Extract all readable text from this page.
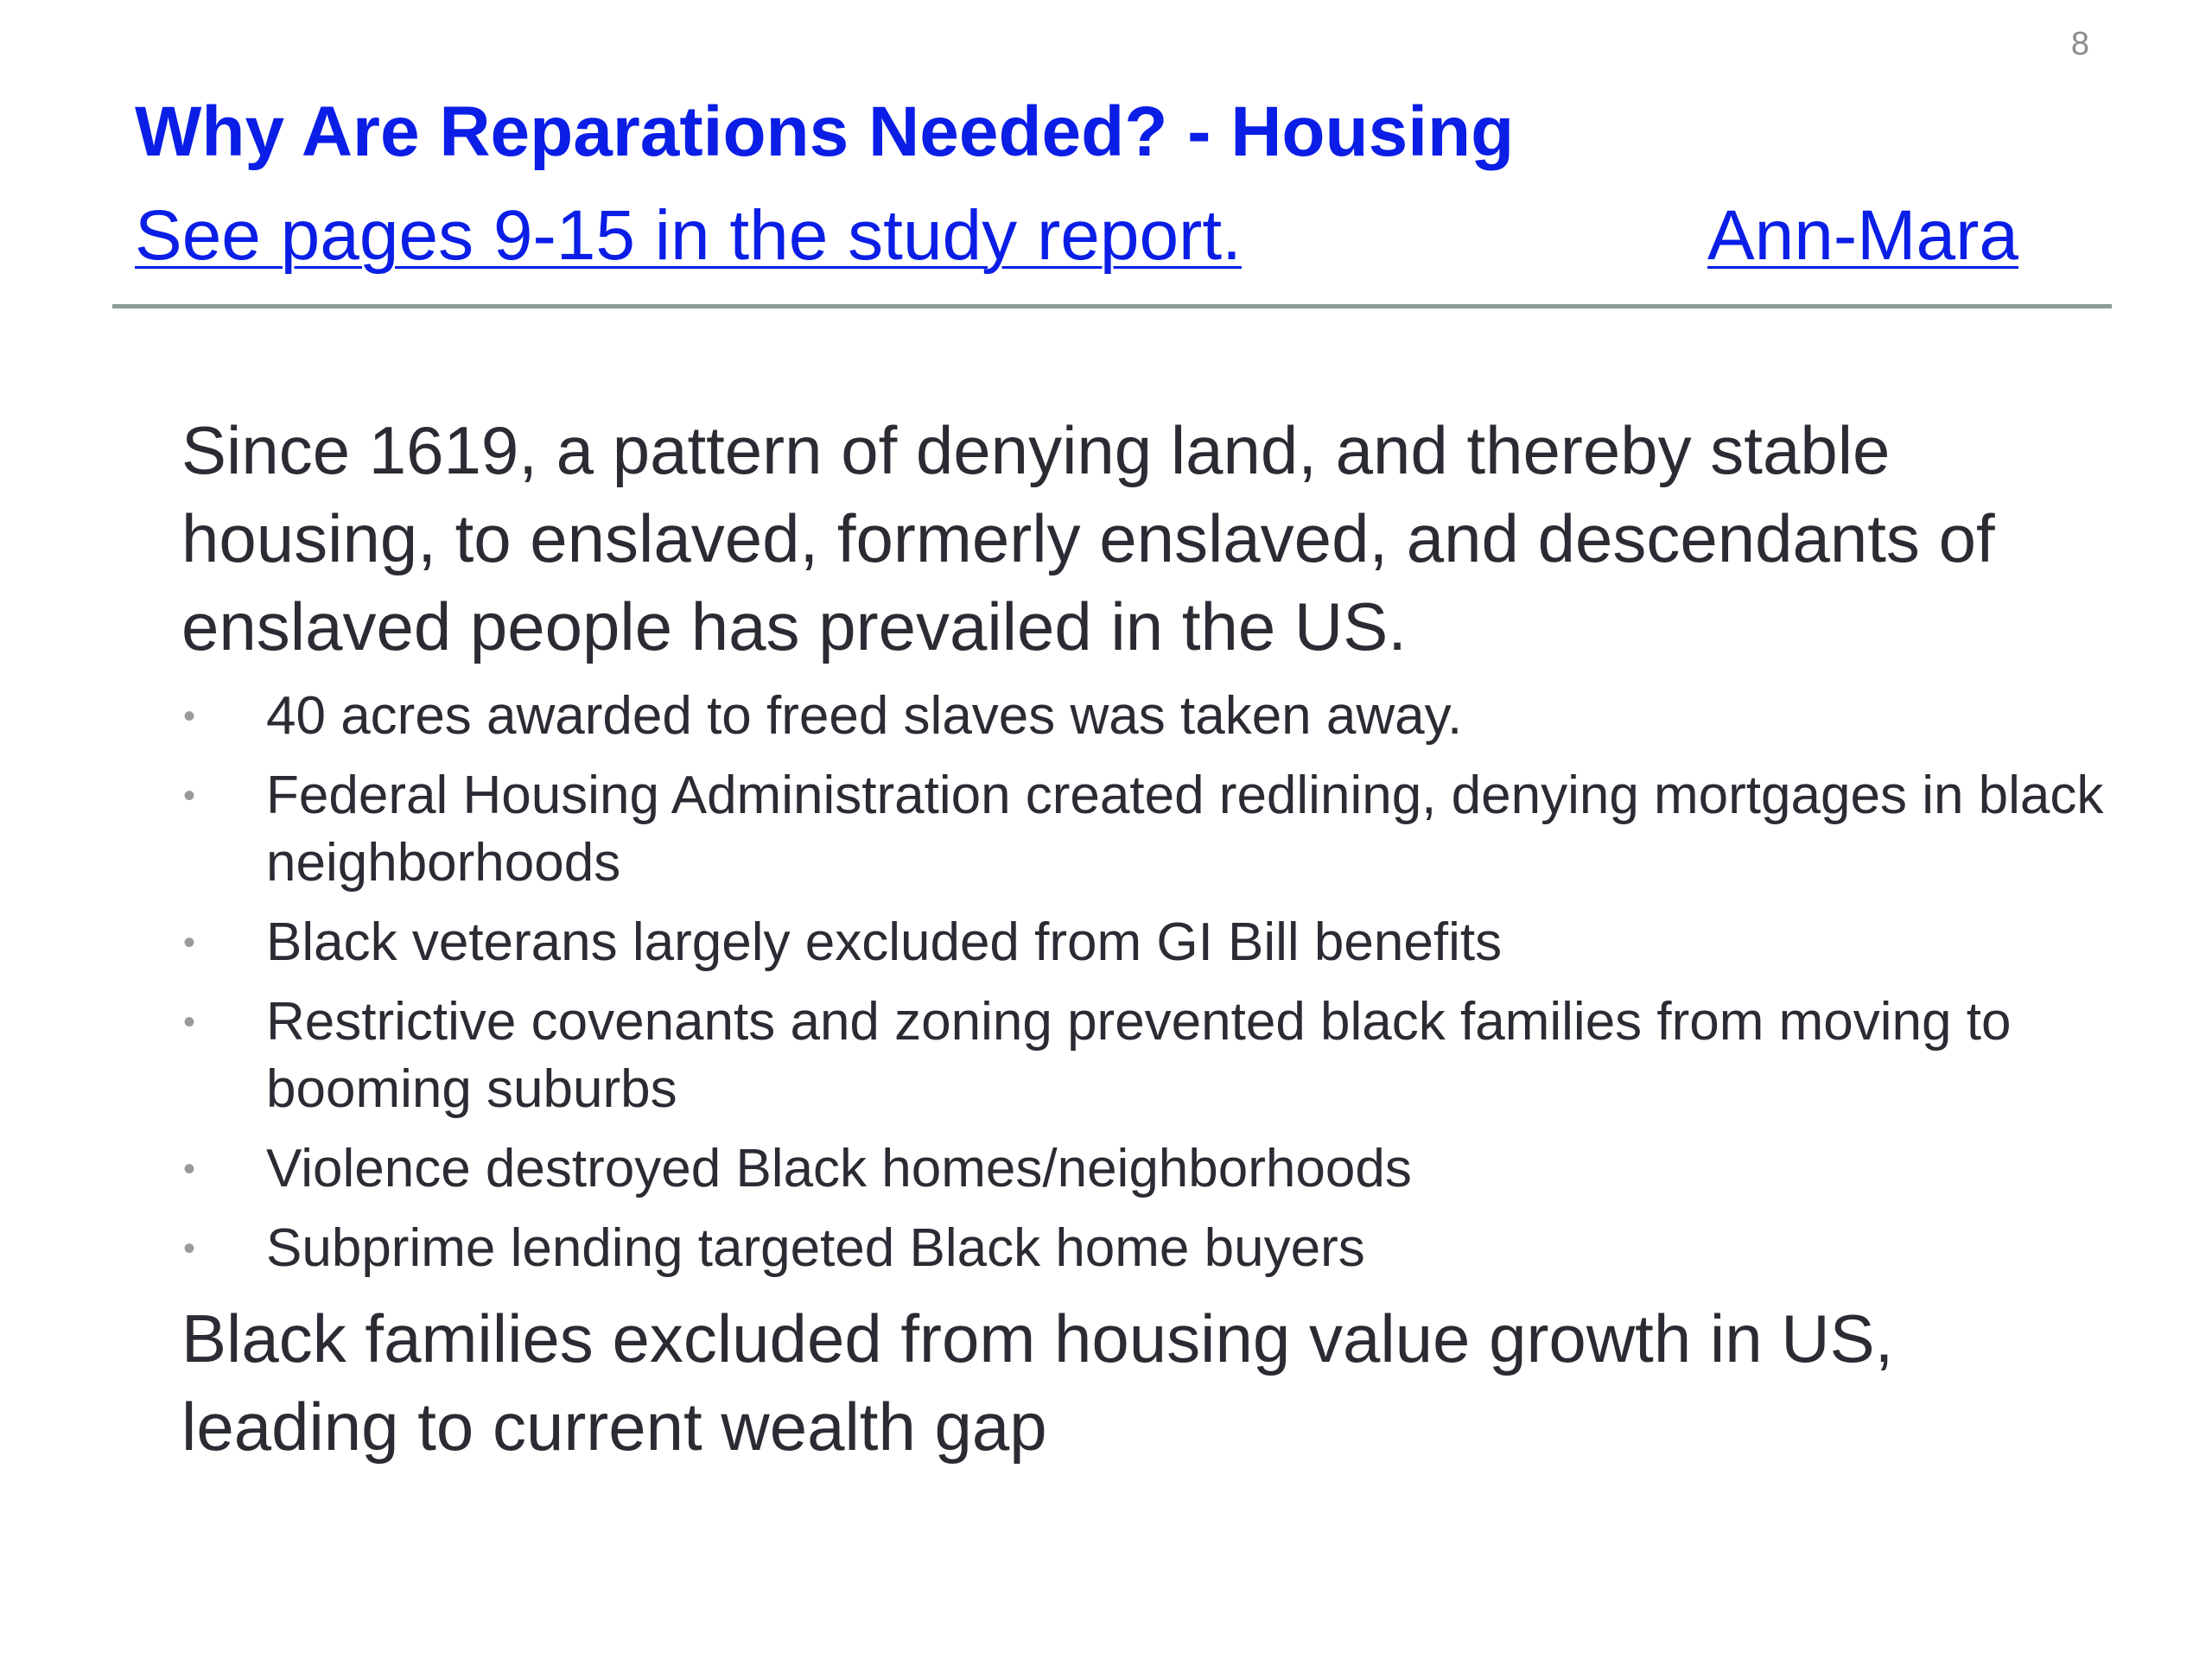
8
Why Are Reparations Needed? - Housing
See pages 9-15 in the study report.	Ann-Mara

Since 1619, a pattern of denying land, and thereby stable housing, to enslaved, formerly enslaved, and descendants of enslaved people has prevailed in the US.

• 40 acres awarded to freed slaves was taken away.
• Federal Housing Administration created redlining, denying mortgages in black neighborhoods
• Black veterans largely excluded from GI Bill benefits
• Restrictive covenants and zoning prevented black families from moving to booming suburbs
• Violence destroyed Black homes/neighborhoods
• Subprime lending targeted Black home buyers

Black families excluded from housing value growth in US, leading to current wealth gap
